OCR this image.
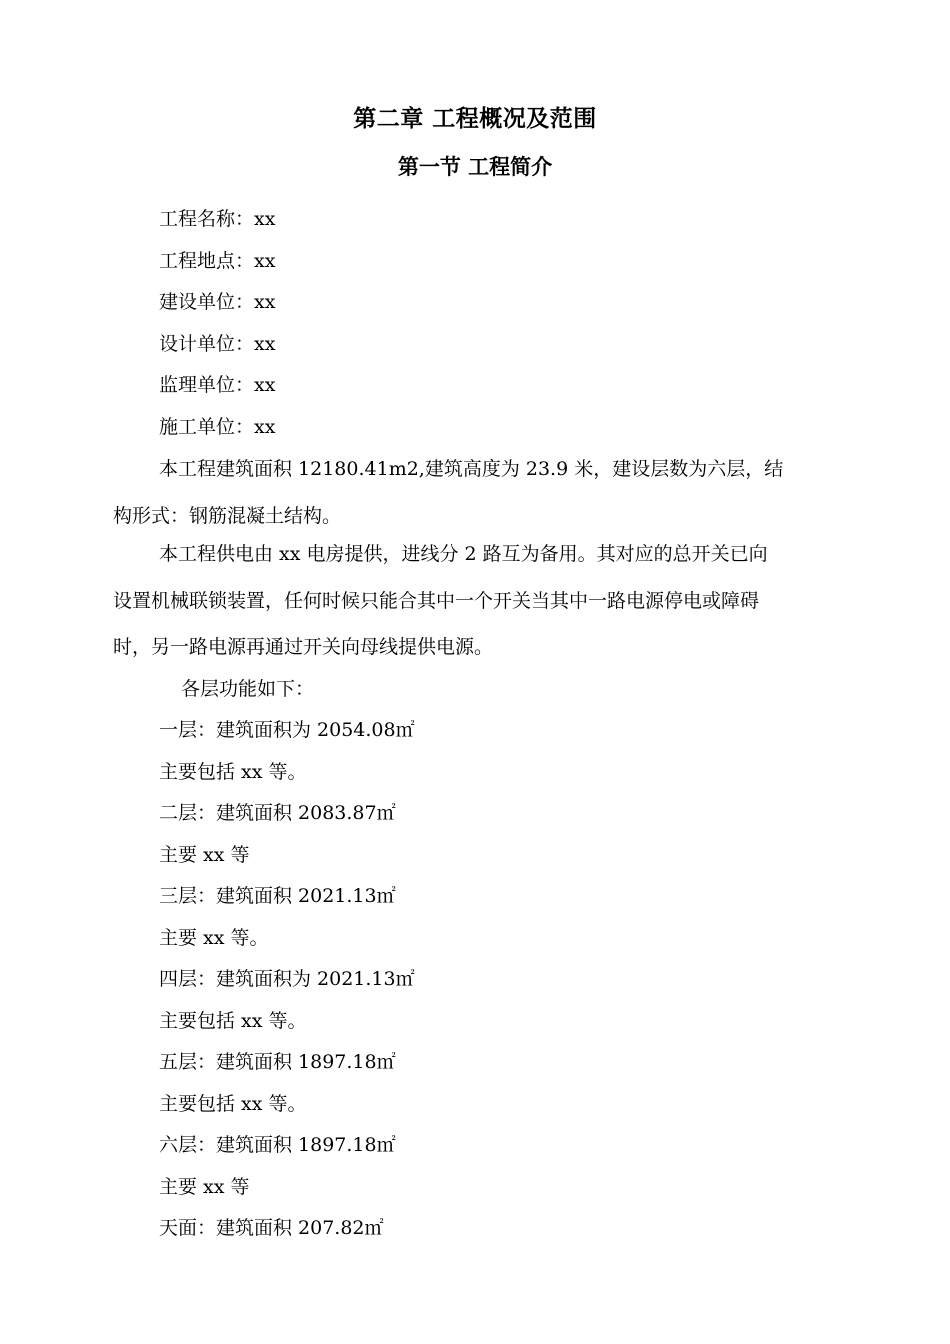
第二章 工程概况及范围
第一节 工程简介
工程名称：xx
工程地点：xx
建设单位：xx
设计单位：xx
监理单位：xx
施工单位：xx
本工程建筑面积 12180.41m2,建筑高度为 23.9 米，建设层数为六层，结
构形式：钢筋混凝土结构。
本工程供电由 xx 电房提供，进线分 2 路互为备用。其对应的总开关已向
设置机械联锁装置，任何时候只能合其中一个开关当其中一路电源停电或障碍
时，另一路电源再通过开关向母线提供电源。
各层功能如下：
一层：建筑面积为 2054.08㎡
主要包括 xx 等。
二层：建筑面积 2083.87㎡
主要 xx 等
三层：建筑面积 2021.13㎡
主要 xx 等。
四层：建筑面积为 2021.13㎡
主要包括 xx 等。
五层：建筑面积 1897.18㎡
主要包括 xx 等。
六层：建筑面积 1897.18㎡
主要 xx 等
天面：建筑面积 207.82㎡
